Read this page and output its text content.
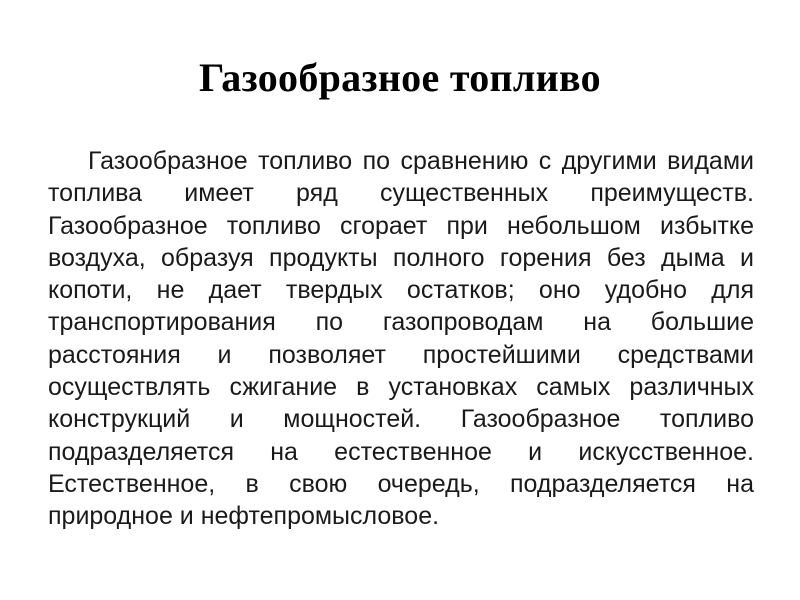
Газообразное топливо

Газообразное топливо по сравнению с другими видами топлива имеет ряд существенных преимуществ. Газообразное топливо сгорает при небольшом избытке воздуха, образуя продукты полного горения без дыма и копоти, не дает твердых остатков; оно удобно для транспортирования по газопроводам на большие расстояния и позволяет простейшими средствами осуществлять сжигание в установках самых различных конструкций и мощностей. Газообразное топливо подразделяется на естественное и искусственное. Естественное, в свою очередь, подразделяется на природное и нефтепромысловое.
